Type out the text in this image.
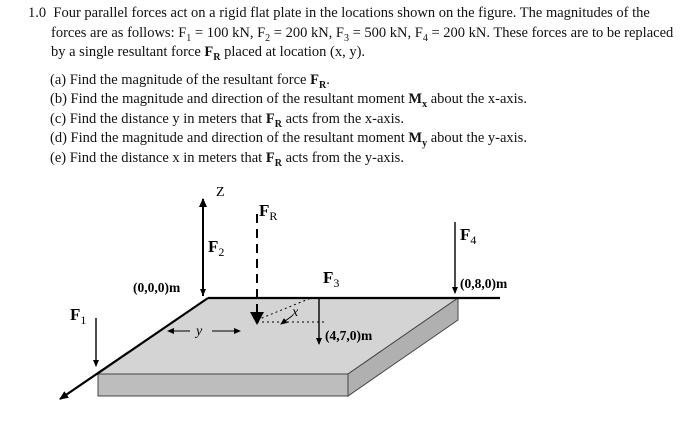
1.0 Four parallel forces act on a rigid flat plate in the locations shown on the figure. The magnitudes of the forces are as follows: $F_1 = 100$ kN, $F_2 = 200$ kN, $F_3 = 500$ kN, $F_4 = 200$ kN. These forces are to be replaced by a single resultant force $F_R$ placed at location (x, y).

(a) Find the magnitude of the resultant force $F_R$.
(b) Find the magnitude and direction of the resultant moment $M_x$ about the x-axis.
(c) Find the distance y in meters that $F_R$ acts from the x-axis.
(d) Find the magnitude and direction of the resultant moment $M_y$ about the y-axis.
(e) Find the distance x in meters that $F_R$ acts from the y-axis.
Z
$F_1$
$F_2$
(0,0,0)m
$F_R$
y
x
$F_3$
(4,7,0)m
$F_4$
(0,8,0)m
